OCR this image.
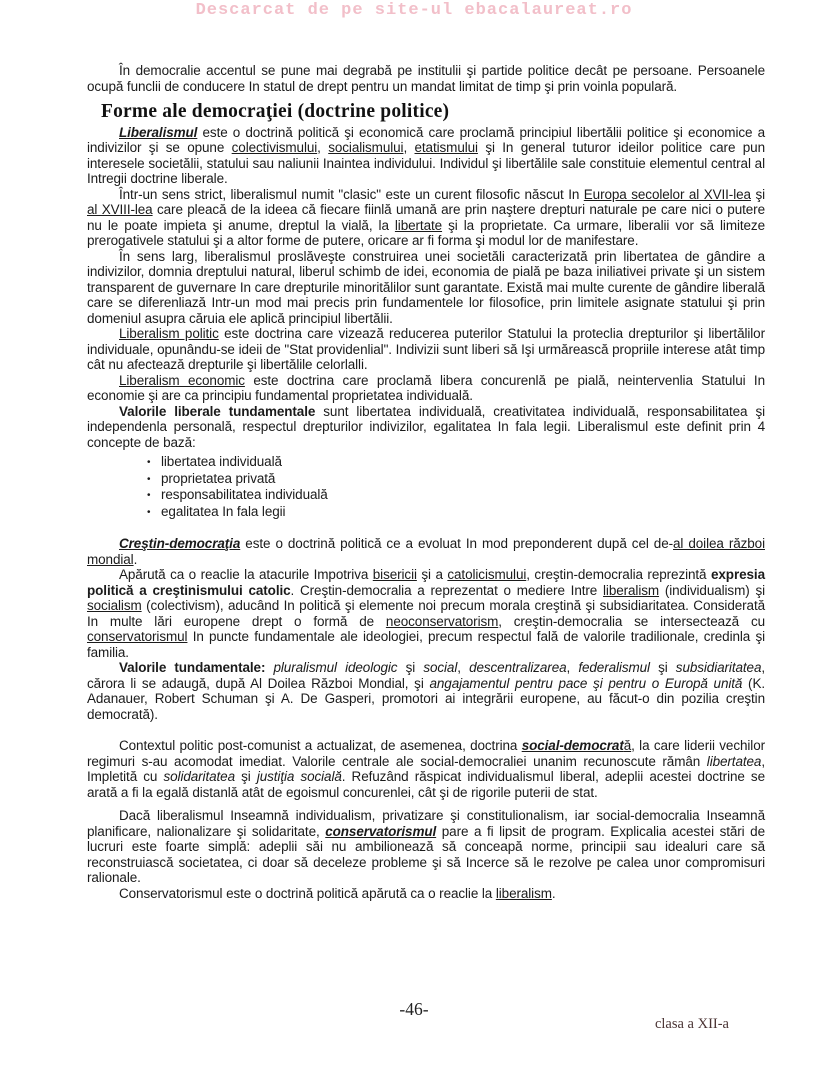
Descarcat de pe site-ul ebacalaureat.ro

În democralie accentul se pune mai degrabă pe institulii şi partide politice decât pe persoane. Persoanele ocupă funclii de conducere In statul de drept pentru un mandat limitat de timp şi prin voinla populară.

Forme ale democraţiei (doctrine politice)

Liberalismul este o doctrină politică şi economică care proclamă principiul libertălii politice şi economice a indivizilor şi se opune colectivismului, socialismului, etatismului şi In general tuturor ideilor politice care pun interesele societălii, statului sau naliunii Inaintea individului. Individul şi libertălile sale constituie elementul central al Intregii doctrine liberale.

Într-un sens strict, liberalismul numit "clasic" este un curent filosofic născut In Europa secolelor al XVII-lea şi al XVIII-lea care pleacă de la ideea că fiecare fiinlă umană are prin naştere drepturi naturale pe care nici o putere nu le poate impieta şi anume, dreptul la vială, la libertate şi la proprietate. Ca urmare, liberalii vor să limiteze prerogativele statului şi a altor forme de putere, oricare ar fi forma şi modul lor de manifestare.

În sens larg, liberalismul proslăveşte construirea unei societăli caracterizată prin libertatea de gândire a indivizilor, domnia dreptului natural, liberul schimb de idei, economia de pială pe baza iniliativei private şi un sistem transparent de guvernare In care drepturile minoritălilor sunt garantate. Există mai multe curente de gândire liberală care se diferenliază Intr-un mod mai precis prin fundamentele lor filosofice, prin limitele asignate statului şi prin domeniul asupra căruia ele aplică principiul libertălii.

Liberalism politic este doctrina care vizează reducerea puterilor Statului la proteclia drepturilor şi libertălilor individuale, opunându-se ideii de "Stat providenlial". Indivizii sunt liberi să Işi urmărească propriile interese atât timp cât nu afectează drepturile şi libertălile celorlalli.

Liberalism economic este doctrina care proclamă libera concurenlă pe pială, neintervenlia Statului In economie şi are ca principiu fundamental proprietatea individuală.

Valorile liberale tundamentale sunt libertatea individuală, creativitatea individuală, responsabilitatea şi independenla personală, respectul drepturilor indivizilor, egalitatea In fala legii. Liberalismul este definit prin 4 concepte de bază:

• libertatea individuală
• proprietatea privată
• responsabilitatea individuală
• egalitatea In fala legii

Creştin-democraţia este o doctrină politică ce a evoluat In mod preponderent după cel de-al doilea război mondial.

Apărută ca o reaclie la atacurile Impotriva bisericii şi a catolicismului, creştin-democralia reprezintă expresia politică a creştinismului catolic. Creştin-democralia a reprezentat o mediere Intre liberalism (individualism) şi socialism (colectivism), aducând In politică şi elemente noi precum morala creştină şi subsidiaritatea. Considerată In multe lări europene drept o formă de neoconservatorism, creştin-democralia se intersectează cu conservatorismul In puncte fundamentale ale ideologiei, precum respectul fală de valorile tradilionale, credinla şi familia.

Valorile tundamentale: pluralismul ideologic şi social, descentralizarea, federalismul şi subsidiaritatea, cărora li se adaugă, după Al Doilea Război Mondial, şi angajamentul pentru pace şi pentru o Europă unită (K. Adanauer, Robert Schuman şi A. De Gasperi, promotori ai integrării europene, au făcut-o din pozilia creştin democrată).

Contextul politic post-comunist a actualizat, de asemenea, doctrina social-democrată, la care liderii vechilor regimuri s-au acomodat imediat. Valorile centrale ale social-democraliei unanim recunoscute rămân libertatea, Impletită cu solidaritatea şi justiţia socială. Refuzând răspicat individualismul liberal, adeplii acestei doctrine se arată a fi la egală distanlă atât de egoismul concurenlei, cât şi de rigorile puterii de stat.

Dacă liberalismul Inseamnă individualism, privatizare şi constitulionalism, iar social-democralia Inseamnă planificare, nalionalizare şi solidaritate, conservatorismul pare a fi lipsit de program. Explicalia acestei stări de lucruri este foarte simplă: adeplii săi nu ambilionează să conceapă norme, principii sau idealuri care să reconstruiască societatea, ci doar să deceleze probleme şi să Incerce să le rezolve pe calea unor compromisuri ralionale.

Conservatorismul este o doctrină politică apărută ca o reaclie la liberalism.

-46-
clasa a XII-a
